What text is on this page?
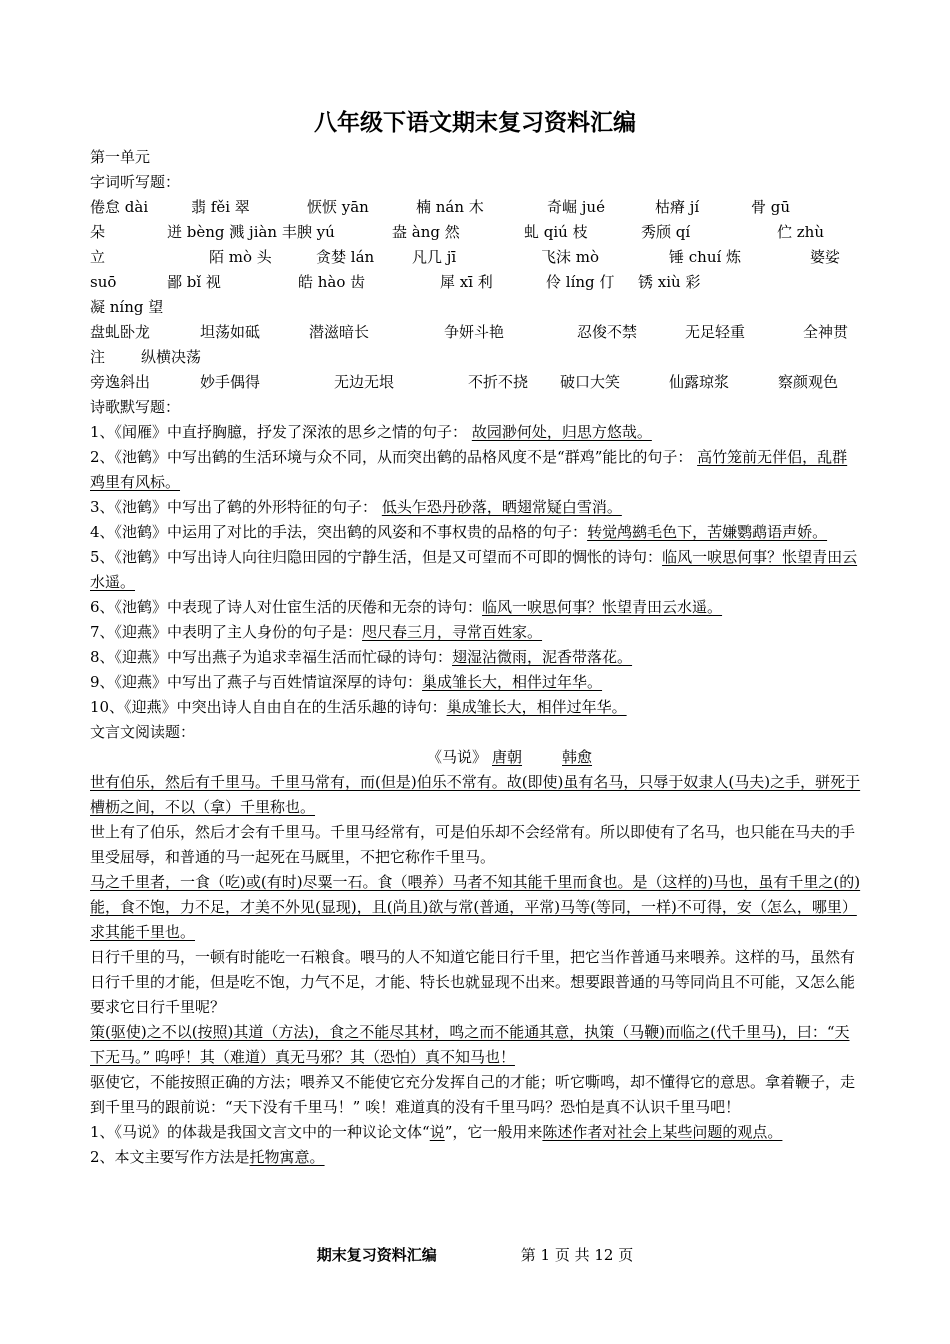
八年级下语文期末复习资料汇编
第一单元
字词听写题：
倦怠 dài	翡 fěi 翠	恹恹 yān	楠 nán 木	奇崛 jué	枯瘠 jí	骨 gū
朵	迸 bèng 溅 jiàn 丰腴 yú	盎 àng 然	虬 qiú 枝	秀颀 qí	伫 zhù
立	陌 mò 头	贪婪 lán	凡几 jī	飞沫 mò	锤 chuí 炼	婆娑
suō	鄙 bǐ 视	皓 hào 齿	犀 xī 利	伶 líng 仃 锈 xiù 彩
凝 níng 望
盘虬卧龙	坦荡如砥	潜滋暗长	争妍斗艳	忍俊不禁	无足轻重	全神贯
注 纵横决荡
旁逸斜出	妙手偶得	无边无垠	不折不挠 破口大笑	仙露琼浆	察颜观色
诗歌默写题：
1、《闻雁》中直抒胸臆，抒发了深浓的思乡之情的句子： 故园渺何处，归思方悠哉。
2、《池鹤》中写出鹤的生活环境与众不同，从而突出鹤的品格风度不是“群鸡”能比的句子： 高竹笼前无伴侣，乱群鸡里有风标。
3、《池鹤》中写出了鹤的外形特征的句子： 低头乍恐丹砂落，晒翅常疑白雪消。
4、《池鹤》中运用了对比的手法，突出鹤的风姿和不事权贵的品格的句子：转觉鸬鹚毛色下，苦嫌鹦鹉语声娇。
5、《池鹤》中写出诗人向往归隐田园的宁静生活，但是又可望而不可即的惆怅的诗句：临风一唳思何事？怅望青田云水遥。
6、《池鹤》中表现了诗人对仕宦生活的厌倦和无奈的诗句：临风一唳思何事？怅望青田云水遥。
7、《迎燕》中表明了主人身份的句子是：咫尺春三月，寻常百姓家。
8、《迎燕》中写出燕子为追求幸福生活而忙碌的诗句：翅湿沾微雨，泥香带落花。
9、《迎燕》中写出了燕子与百姓情谊深厚的诗句：巢成雏长大，相伴过年华。
10、《迎燕》中突出诗人自由自在的生活乐趣的诗句：巢成雏长大，相伴过年华。
文言文阅读题：
《马说》 唐朝	韩愈
世有伯乐，然后有千里马。千里马常有，而(但是)伯乐不常有。故(即使)虽有名马，只辱于奴隶人(马夫)之手，骈死于槽枥之间，不以（拿）千里称也。
世上有了伯乐，然后才会有千里马。千里马经常有，可是伯乐却不会经常有。所以即使有了名马，也只能在马夫的手里受屈辱，和普通的马一起死在马厩里，不把它称作千里马。
马之千里者，一食（吃)或(有时)尽粟一石。食（喂养）马者不知其能千里而食也。是（这样的)马也，虽有千里之(的)能，食不饱，力不足，才美不外见(显现)，且(尚且)欲与常(普通，平常)马等(等同，一样)不可得，安（怎么，哪里）求其能千里也。
日行千里的马，一顿有时能吃一石粮食。喂马的人不知道它能日行千里，把它当作普通马来喂养。这样的马，虽然有日行千里的才能，但是吃不饱，力气不足，才能、特长也就显现不出来。想要跟普通的马等同尚且不可能，又怎么能要求它日行千里呢？
策(驱使)之不以(按照)其道（方法)，食之不能尽其材，鸣之而不能通其意，执策（马鞭)而临之(代千里马)，曰：“天下无马。” 呜呼！其（难道）真无马邪？其（恐怕）真不知马也！
驱使它，不能按照正确的方法；喂养又不能使它充分发挥自己的才能；听它嘶鸣，却不懂得它的意思。拿着鞭子，走到千里马的跟前说：“天下没有千里马！” 唉！难道真的没有千里马吗？恐怕是真不认识千里马吧！
1、《马说》的体裁是我国文言文中的一种议论文体“说”，它一般用来陈述作者对社会上某些问题的观点。
2、本文主要写作方法是托物寓意。
期末复习资料汇编	第 1 页 共 12 页
